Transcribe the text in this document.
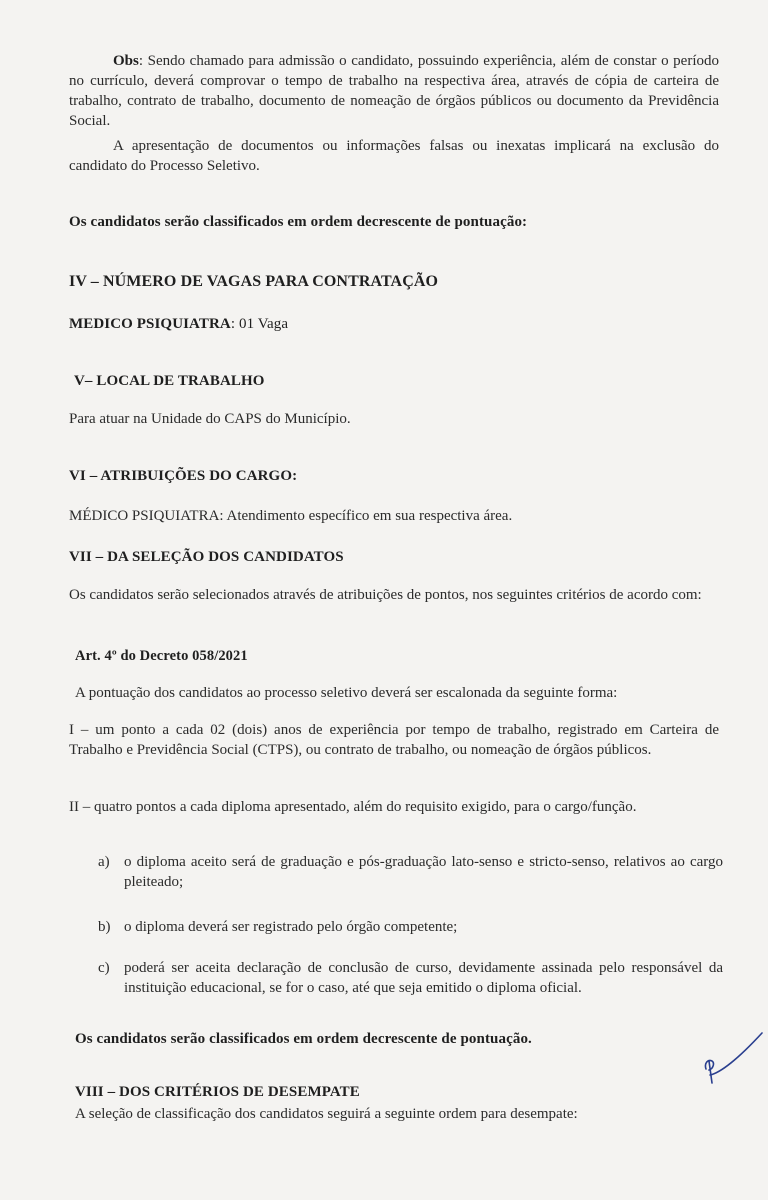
Obs: Sendo chamado para admissão o candidato, possuindo experiência, além de constar o período no currículo, deverá comprovar o tempo de trabalho na respectiva área, através de cópia de carteira de trabalho, contrato de trabalho, documento de nomeação de órgãos públicos ou documento da Previdência Social.
A apresentação de documentos ou informações falsas ou inexatas implicará na exclusão do candidato do Processo Seletivo.
Os candidatos serão classificados em ordem decrescente de pontuação:
IV – NÚMERO DE VAGAS PARA CONTRATAÇÃO
MEDICO PSIQUIATRA: 01 Vaga
V– LOCAL DE TRABALHO
Para atuar na Unidade do CAPS do Município.
VI – ATRIBUIÇÕES DO CARGO:
MÉDICO PSIQUIATRA: Atendimento específico em sua respectiva área.
VII – DA SELEÇÃO DOS CANDIDATOS
Os candidatos serão selecionados através de atribuições de pontos, nos seguintes critérios de acordo com:
Art. 4º do Decreto 058/2021
A pontuação dos candidatos ao processo seletivo deverá ser escalonada da seguinte forma:
I – um ponto a cada 02 (dois) anos de experiência por tempo de trabalho, registrado em Carteira de Trabalho e Previdência Social (CTPS), ou contrato de trabalho, ou nomeação de órgãos públicos.
II – quatro pontos a cada diploma apresentado, além do requisito exigido, para o cargo/função.
a) o diploma aceito será de graduação e pós-graduação lato-senso e stricto-senso, relativos ao cargo pleiteado;
b) o diploma deverá ser registrado pelo órgão competente;
c) poderá ser aceita declaração de conclusão de curso, devidamente assinada pelo responsável da instituição educacional, se for o caso, até que seja emitido o diploma oficial.
Os candidatos serão classificados em ordem decrescente de pontuação.
VIII – DOS CRITÉRIOS DE DESEMPATE
A seleção de classificação dos candidatos seguirá a seguinte ordem para desempate:
